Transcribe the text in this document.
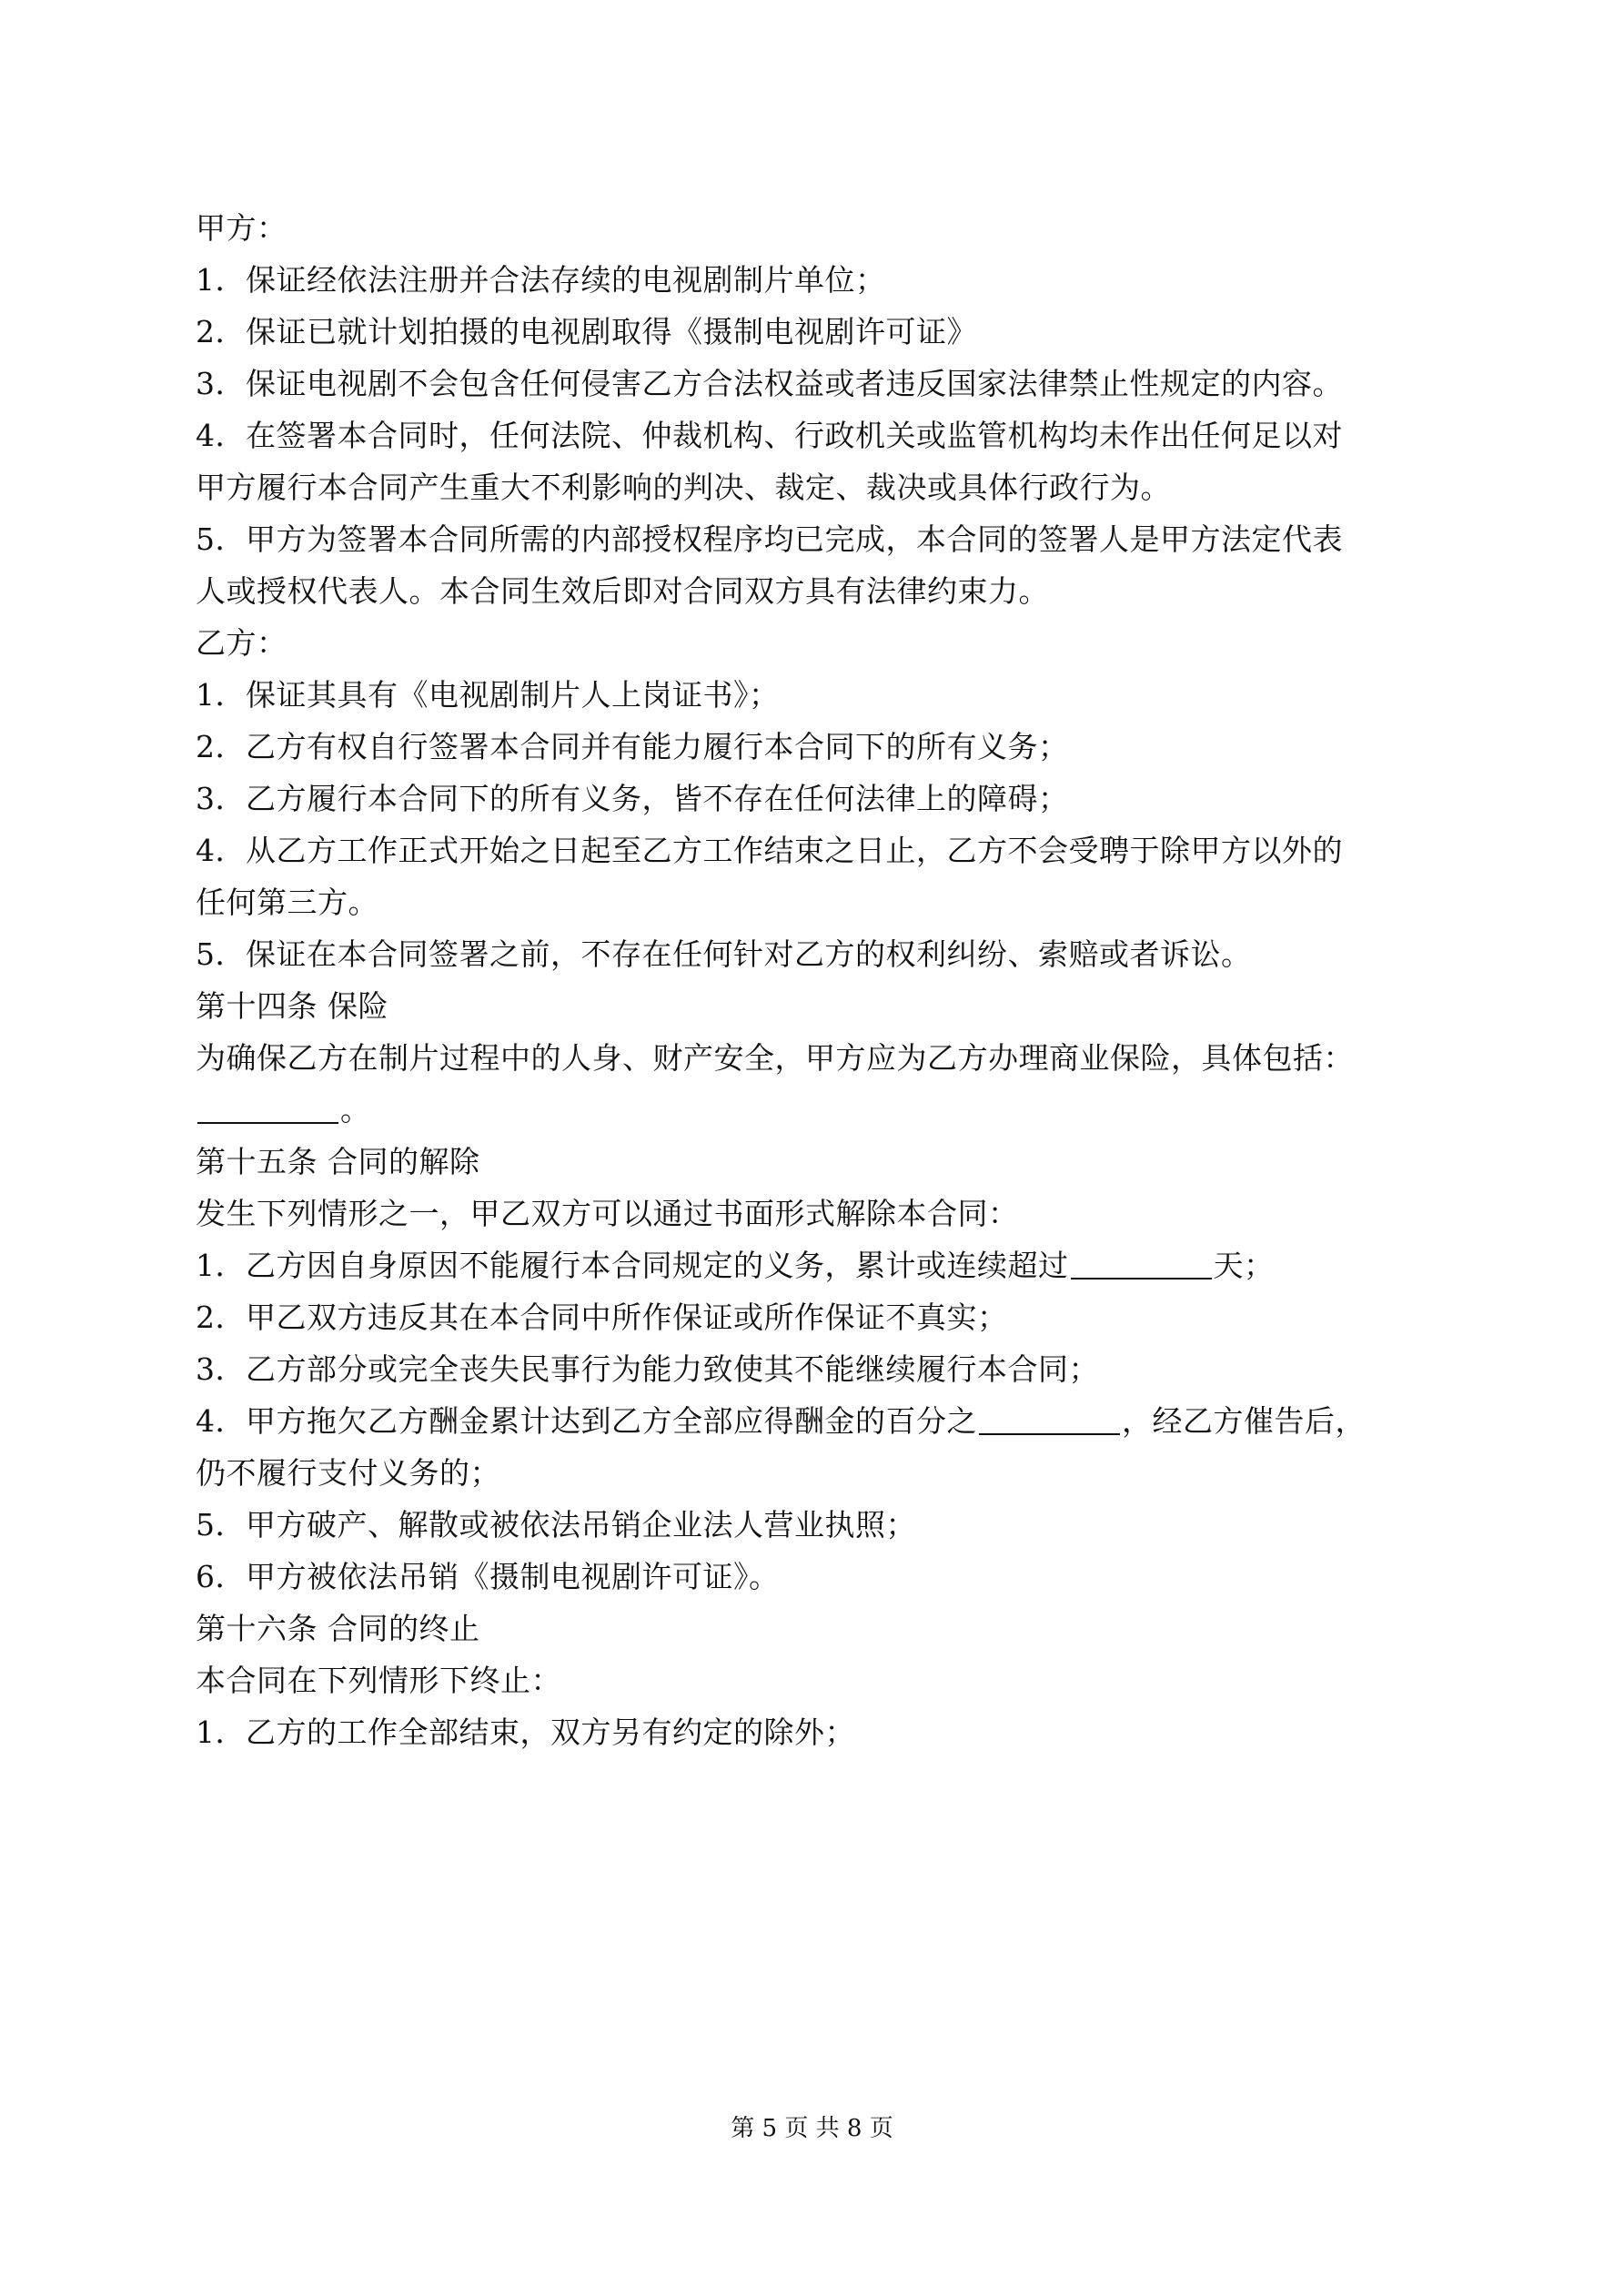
甲方：
1．保证经依法注册并合法存续的电视剧制片单位；
2．保证已就计划拍摄的电视剧取得《摄制电视剧许可证》
3．保证电视剧不会包含任何侵害乙方合法权益或者违反国家法律禁止性规定的内容。
4．在签署本合同时，任何法院、仲裁机构、行政机关或监管机构均未作出任何足以对
甲方履行本合同产生重大不利影响的判决、裁定、裁决或具体行政行为。
5．甲方为签署本合同所需的内部授权程序均已完成，本合同的签署人是甲方法定代表
人或授权代表人。本合同生效后即对合同双方具有法律约束力。
乙方：
1．保证其具有《电视剧制片人上岗证书》；
2．乙方有权自行签署本合同并有能力履行本合同下的所有义务；
3．乙方履行本合同下的所有义务，皆不存在任何法律上的障碍；
4．从乙方工作正式开始之日起至乙方工作结束之日止，乙方不会受聘于除甲方以外的
任何第三方。
5．保证在本合同签署之前，不存在任何针对乙方的权利纠纷、索赔或者诉讼。
第十四条 保险
为确保乙方在制片过程中的人身、财产安全，甲方应为乙方办理商业保险，具体包括：
。
第十五条 合同的解除
发生下列情形之一，甲乙双方可以通过书面形式解除本合同：
1．乙方因自身原因不能履行本合同规定的义务，累计或连续超过	天；
2．甲乙双方违反其在本合同中所作保证或所作保证不真实；
3．乙方部分或完全丧失民事行为能力致使其不能继续履行本合同；
4．甲方拖欠乙方酬金累计达到乙方全部应得酬金的百分之	，经乙方催告后，
仍不履行支付义务的；
5．甲方破产、解散或被依法吊销企业法人营业执照；
6．甲方被依法吊销《摄制电视剧许可证》。
第十六条 合同的终止
本合同在下列情形下终止：
1．乙方的工作全部结束，双方另有约定的除外；
第 5 页 共 8 页
